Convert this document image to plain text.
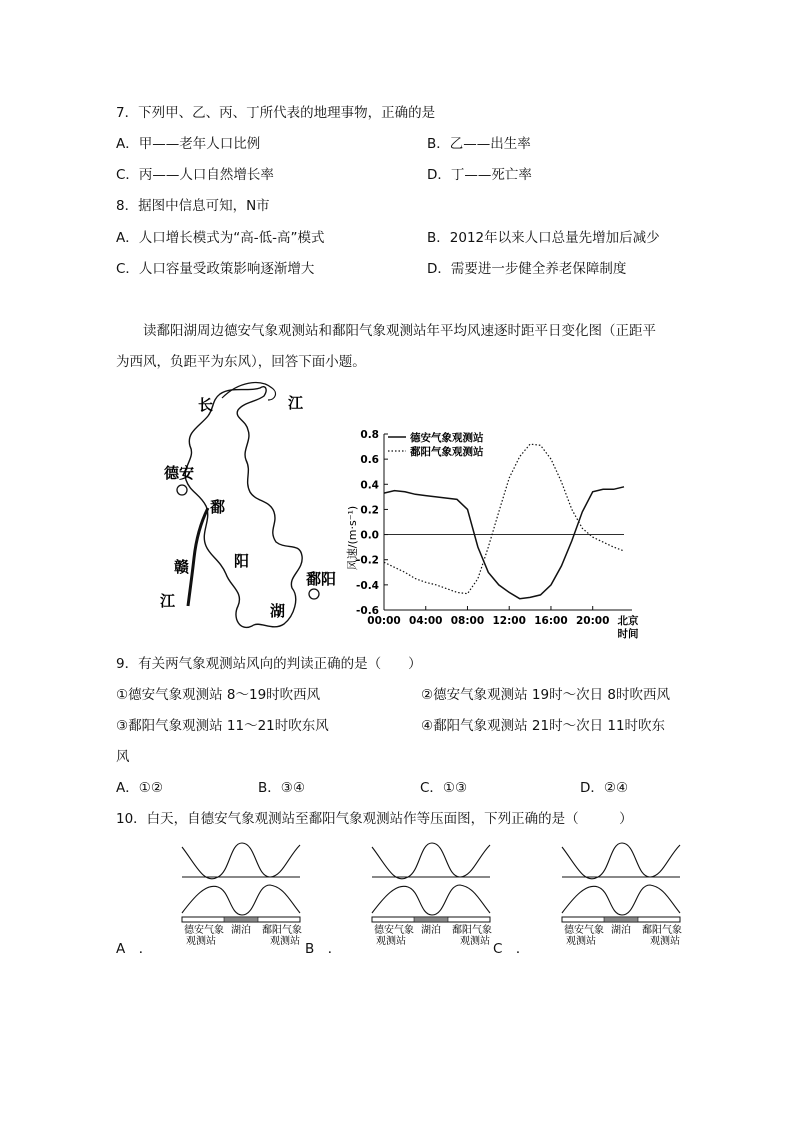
7．下列甲、乙、丙、丁所代表的地理事物，正确的是
A．甲——老年人口比例	B．乙——出生率
C．丙——人口自然增长率	D．丁——死亡率
8．据图中信息可知，N市
A．人口增长模式为“高-低-高”模式	B．2012年以来人口总量先增加后减少
C．人口容量受政策影响逐渐增大	D．需要进一步健全养老保障制度
读鄱阳湖周边德安气象观测站和鄱阳气象观测站年平均风速逐时距平日变化图（正距平
为西风，负距平为东风），回答下面小题。
长	江
德安
鄱
阳
赣
江
鄱阳
湖
0.8
0.6
0.4
0.2
0.0
-0.2
-0.4
-0.6
00:00 04:00 08:00 12:00 16:00 20:00 北京
时间
德安气象观测站
鄱阳气象观测站
风速/(m·s⁻¹)
9．有关两气象观测站风向的判读正确的是（　　）
①德安气象观测站 8～19时吹西风	②德安气象观测站 19时～次日 8时吹西风
③鄱阳气象观测站 11～21时吹东风	④鄱阳气象观测站 21时～次日 11时吹东
风
A．①②	B．③④	C．①③	D．②④
10．白天，自德安气象观测站至鄱阳气象观测站作等压面图，下列正确的是（　　　）
德安气象
观测站
湖泊 鄱阳气象
观测站
德安气象
观测站
湖泊 鄱阳气象
观测站
德安气象
观测站
湖泊 鄱阳气象
观测站
A　．	B　．	C　．
